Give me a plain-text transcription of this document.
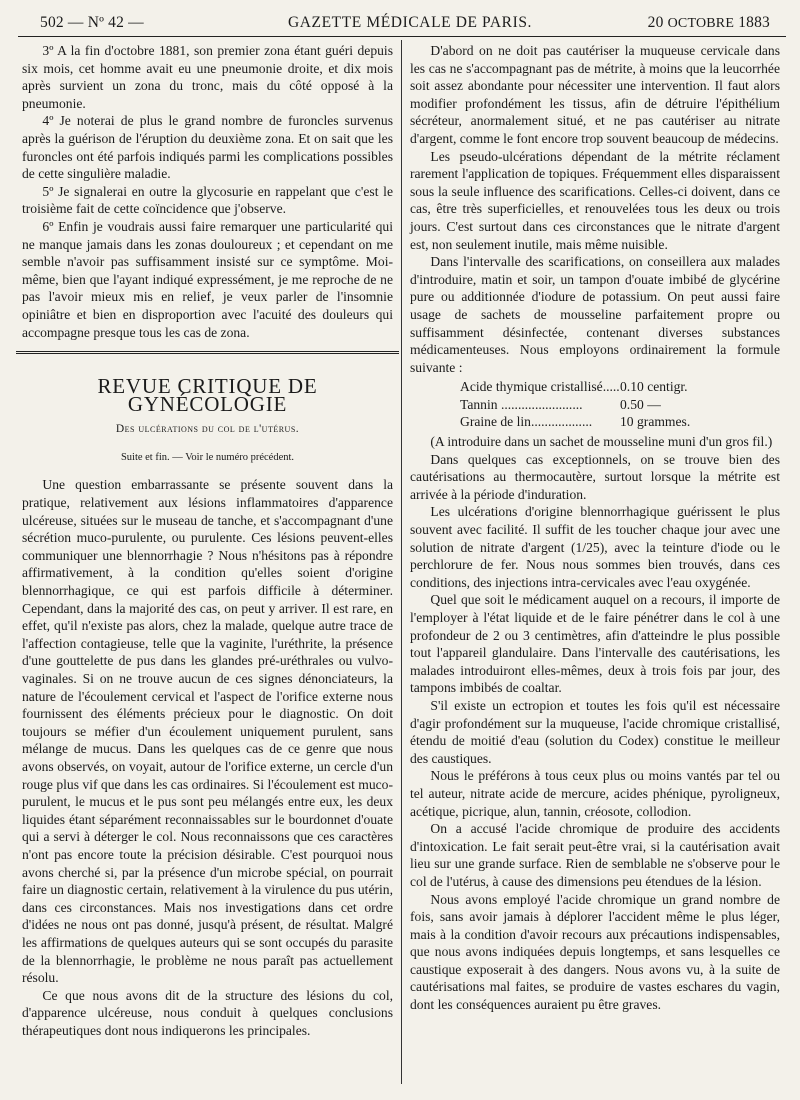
502 — Nº 42 —	GAZETTE MÉDICALE DE PARIS.	20 OCTOBRE 1883

3º A la fin d'octobre 1881, son premier zona étant guéri depuis six mois, cet homme avait eu une pneumonie droite, et dix mois après survient un zona du tronc, mais du côté opposé à la pneumonie.

4º Je noterai de plus le grand nombre de furoncles survenus après la guérison de l'éruption du deuxième zona. Et on sait que les furoncles ont été parfois indiqués parmi les complications possibles de cette singulière maladie.

5º Je signalerai en outre la glycosurie en rappelant que c'est le troisième fait de cette coïncidence que j'observe.

6º Enfin je voudrais aussi faire remarquer une particularité qui ne manque jamais dans les zonas douloureux ; et cependant on me semble n'avoir pas suffisamment insisté sur ce symptôme. Moi-même, bien que l'ayant indiqué expressément, je me reproche de ne pas l'avoir mieux mis en relief, je veux parler de l'insomnie opiniâtre et bien en disproportion avec l'acuité des douleurs qui accompagne presque tous les cas de zona.

REVUE CRITIQUE DE GYNÉCOLOGIE
Des ulcérations du col de l'utérus.
Suite et fin. — Voir le numéro précédent.

Une question embarrassante se présente souvent dans la pratique, relativement aux lésions inflammatoires d'apparence ulcéreuse, situées sur le museau de tanche, et s'accompagnant d'une sécrétion muco-purulente, ou purulente. Ces lésions peuvent-elles communiquer une blennorrhagie ? Nous n'hésitons pas à répondre affirmativement, à la condition qu'elles soient d'origine blennorrhagique, ce qui est parfois difficile à déterminer. Cependant, dans la majorité des cas, on peut y arriver. Il est rare, en effet, qu'il n'existe pas alors, chez la malade, quelque autre trace de l'affection contagieuse, telle que la vaginite, l'uréthrite, la présence d'une gouttelette de pus dans les glandes pré-uréthrales ou vulvo-vaginales. Si on ne trouve aucun de ces signes dénonciateurs, la nature de l'écoulement cervical et l'aspect de l'orifice externe nous fournissent des éléments précieux pour le diagnostic. On doit toujours se méfier d'un écoulement uniquement purulent, sans mélange de mucus. Dans les quelques cas de ce genre que nous avons observés, on voyait, autour de l'orifice externe, un cercle d'un rouge plus vif que dans les cas ordinaires. Si l'écoulement est muco-purulent, le mucus et le pus sont peu mélangés entre eux, les deux liquides étant séparément reconnaissables sur le bourdonnet d'ouate qui a servi à déterger le col. Nous reconnaissons que ces caractères n'ont pas encore toute la précision désirable. C'est pourquoi nous avons cherché si, par la présence d'un microbe spécial, on pourrait faire un diagnostic certain, relativement à la virulence du pus utérin, dans ces circonstances. Mais nos investigations dans cet ordre d'idées ne nous ont pas donné, jusqu'à présent, de résultat. Malgré les affirmations de quelques auteurs qui se sont occupés du parasite de la blennorrhagie, le problème ne nous paraît pas actuellement résolu.

Ce que nous avons dit de la structure des lésions du col, d'apparence ulcéreuse, nous conduit à quelques conclusions thérapeutiques dont nous indiquerons les principales.

D'abord on ne doit pas cautériser la muqueuse cervicale dans les cas ne s'accompagnant pas de métrite, à moins que la leucorrhée soit assez abondante pour nécessiter une intervention. Il faut alors modifier profondément les tissus, afin de détruire l'épithélium sécréteur, anormalement situé, et ne pas cautériser au nitrate d'argent, comme le font encore trop souvent beaucoup de médecins.

Les pseudo-ulcérations dépendant de la métrite réclament rarement l'application de topiques. Fréquemment elles disparaissent sous la seule influence des scarifications. Celles-ci doivent, dans ce cas, être très superficielles, et renouvelées tous les deux ou trois jours. C'est surtout dans ces circonstances que le nitrate d'argent est, non seulement inutile, mais même nuisible.

Dans l'intervalle des scarifications, on conseillera aux malades d'introduire, matin et soir, un tampon d'ouate imbibé de glycérine pure ou additionnée d'iodure de potassium. On peut aussi faire usage de sachets de mousseline parfaitement propre ou suffisamment désinfectée, contenant diverses substances médicamenteuses. Nous employons ordinairement la formule suivante :

Acide thymique cristallisé..... 0.10 centigr.
Tannin ........................	0.50 —
Graine de lin..................	10 grammes.

(A introduire dans un sachet de mousseline muni d'un gros fil.)

Dans quelques cas exceptionnels, on se trouve bien des cautérisations au thermocautère, surtout lorsque la métrite est arrivée à la période d'induration.

Les ulcérations d'origine blennorrhagique guérissent le plus souvent avec facilité. Il suffit de les toucher chaque jour avec une solution de nitrate d'argent (1/25), avec la teinture d'iode ou le perchlorure de fer. Nous nous sommes bien trouvés, dans ces conditions, des injections intra-cervicales avec l'eau oxygénée.

Quel que soit le médicament auquel on a recours, il importe de l'employer à l'état liquide et de le faire pénétrer dans le col à une profondeur de 2 ou 3 centimètres, afin d'atteindre le plus possible tout l'appareil glandulaire. Dans l'intervalle des cautérisations, les malades introduiront elles-mêmes, deux à trois fois par jour, des tampons imbibés de coaltar.

S'il existe un ectropion et toutes les fois qu'il est nécessaire d'agir profondément sur la muqueuse, l'acide chromique cristallisé, étendu de moitié d'eau (solution du Codex) constitue le meilleur des caustiques.

Nous le préférons à tous ceux plus ou moins vantés par tel ou tel auteur, nitrate acide de mercure, acides phénique, pyroligneux, acétique, picrique, alun, tannin, créosote, collodion.

On a accusé l'acide chromique de produire des accidents d'intoxication. Le fait serait peut-être vrai, si la cautérisation avait lieu sur une grande surface. Rien de semblable ne s'observe pour le col de l'utérus, à cause des dimensions peu étendues de la lésion.

Nous avons employé l'acide chromique un grand nombre de fois, sans avoir jamais à déplorer l'accident même le plus léger, mais à la condition d'avoir recours aux précautions indispensables, que nous avons indiquées depuis longtemps, et sans lesquelles ce caustique exposerait à des dangers. Nous avons vu, à la suite de cautérisations mal faites, se produire de vastes eschares du vagin, dont les conséquences auraient pu être graves.
